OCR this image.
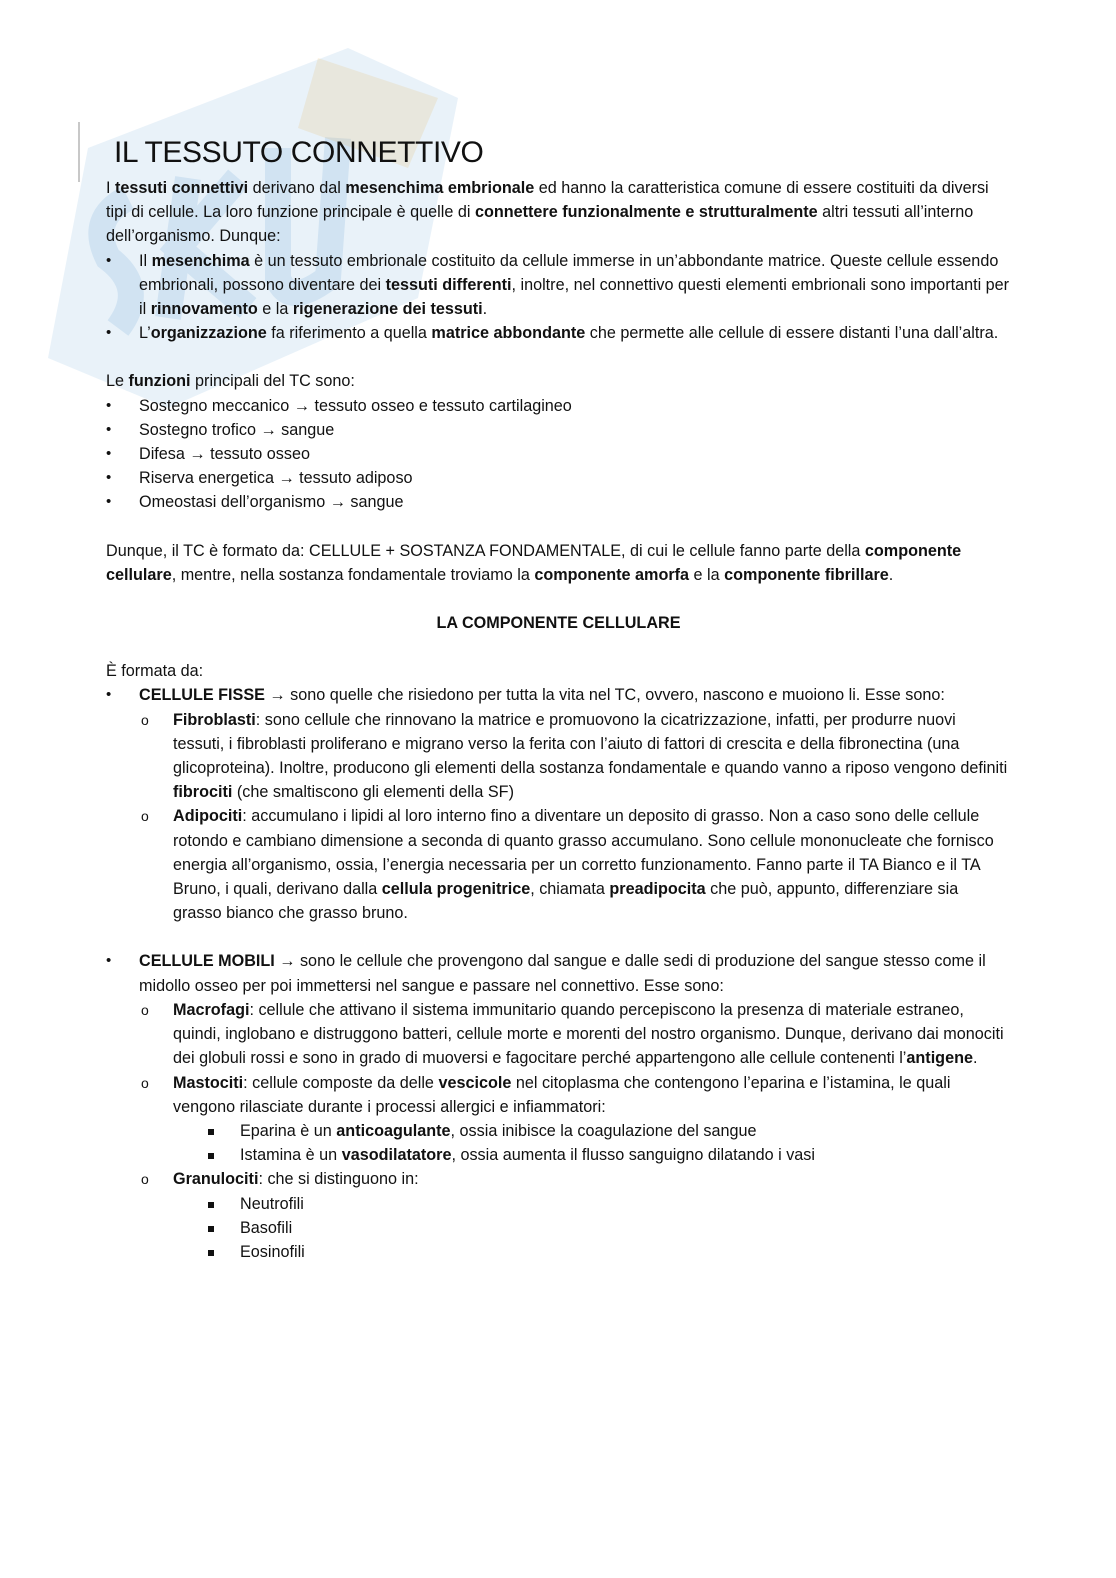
IL TESSUTO CONNETTIVO

I tessuti connettivi derivano dal mesenchima embrionale ed hanno la caratteristica comune di essere costituiti da diversi tipi di cellule. La loro funzione principale è quelle di connettere funzionalmente e strutturalmente altri tessuti all’interno dell’organismo. Dunque:

• Il mesenchima è un tessuto embrionale costituito da cellule immerse in un’abbondante matrice. Queste cellule essendo embrionali, possono diventare dei tessuti differenti, inoltre, nel connettivo questi elementi embrionali sono importanti per il rinnovamento e la rigenerazione dei tessuti.
• L’organizzazione fa riferimento a quella matrice abbondante che permette alle cellule di essere distanti l’una dall’altra.

Le funzioni principali del TC sono:

• Sostegno meccanico → tessuto osseo e tessuto cartilagineo
• Sostegno trofico → sangue
• Difesa → tessuto osseo
• Riserva energetica → tessuto adiposo
• Omeostasi dell’organismo → sangue

Dunque, il TC è formato da: CELLULE + SOSTANZA FONDAMENTALE, di cui le cellule fanno parte della componente cellulare, mentre, nella sostanza fondamentale troviamo la componente amorfa e la componente fibrillare.

LA COMPONENTE CELLULARE

È formata da:

• CELLULE FISSE → sono quelle che risiedono per tutta la vita nel TC, ovvero, nascono e muoiono li. Esse sono:
o Fibroblasti: sono cellule che rinnovano la matrice e promuovono la cicatrizzazione, infatti, per produrre nuovi tessuti, i fibroblasti proliferano e migrano verso la ferita con l’aiuto di fattori di crescita e della fibronectina (una glicoproteina). Inoltre, producono gli elementi della sostanza fondamentale e quando vanno a riposo vengono definiti fibrociti (che smaltiscono gli elementi della SF)
o Adipociti: accumulano i lipidi al loro interno fino a diventare un deposito di grasso. Non a caso sono delle cellule rotondo e cambiano dimensione a seconda di quanto grasso accumulano. Sono cellule mononucleate che fornisco energia all’organismo, ossia, l’energia necessaria per un corretto funzionamento. Fanno parte il TA Bianco e il TA Bruno, i quali, derivano dalla cellula progenitrice, chiamata preadipocita che può, appunto, differenziare sia grasso bianco che grasso bruno.
• CELLULE MOBILI → sono le cellule che provengono dal sangue e dalle sedi di produzione del sangue stesso come il midollo osseo per poi immettersi nel sangue e passare nel connettivo. Esse sono:
o Macrofagi: cellule che attivano il sistema immunitario quando percepiscono la presenza di materiale estraneo, quindi, inglobano e distruggono batteri, cellule morte e morenti del nostro organismo. Dunque, derivano dai monociti dei globuli rossi e sono in grado di muoversi e fagocitare perché appartengono alle cellule contenenti l’antigene.
o Mastociti: cellule composte da delle vescicole nel citoplasma che contengono l’eparina e l’istamina, le quali vengono rilasciate durante i processi allergici e infiammatori:
Eparina è un anticoagulante, ossia inibisce la coagulazione del sangue
Istamina è un vasodilatatore, ossia aumenta il flusso sanguigno dilatando i vasi
o Granulociti: che si distinguono in:
Neutrofili
Basofili
Eosinofili
